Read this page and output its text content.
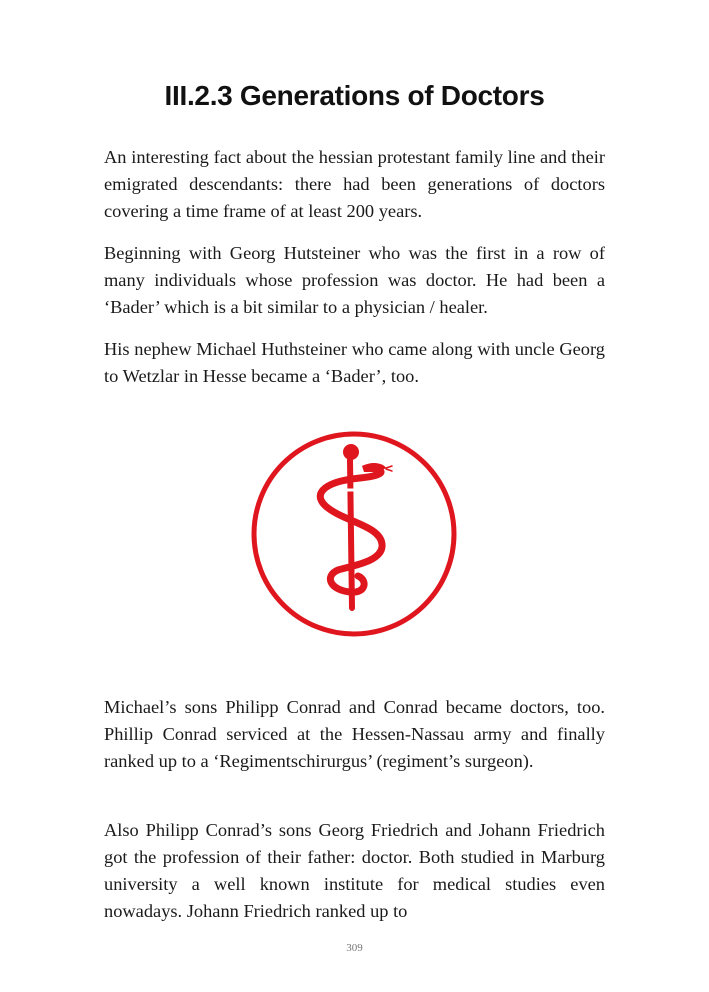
III.2.3 Generations of Doctors

An interesting fact about the hessian protestant family line and their emigrated descendants: there had been generations of doctors covering a time frame of at least 200 years.

Beginning with Georg Hutsteiner who was the first in a row of many individuals whose profession was doctor. He had been a ‘Bader’ which is a bit similar to a physician / healer.

His nephew Michael Huthsteiner who came along with uncle Georg to Wetzlar in Hesse became a ‘Bader’, too.

Michael’s sons Philipp Conrad and Conrad became doctors, too. Phillip Conrad serviced at the Hessen-Nassau army and finally ranked up to a ‘Regimentschirurgus’ (regiment’s surgeon).

Also Philipp Conrad’s sons Georg Friedrich and Johann Friedrich got the profession of their father: doctor. Both studied in Marburg university a well known institute for medical studies even nowadays. Johann Friedrich ranked up to

309
